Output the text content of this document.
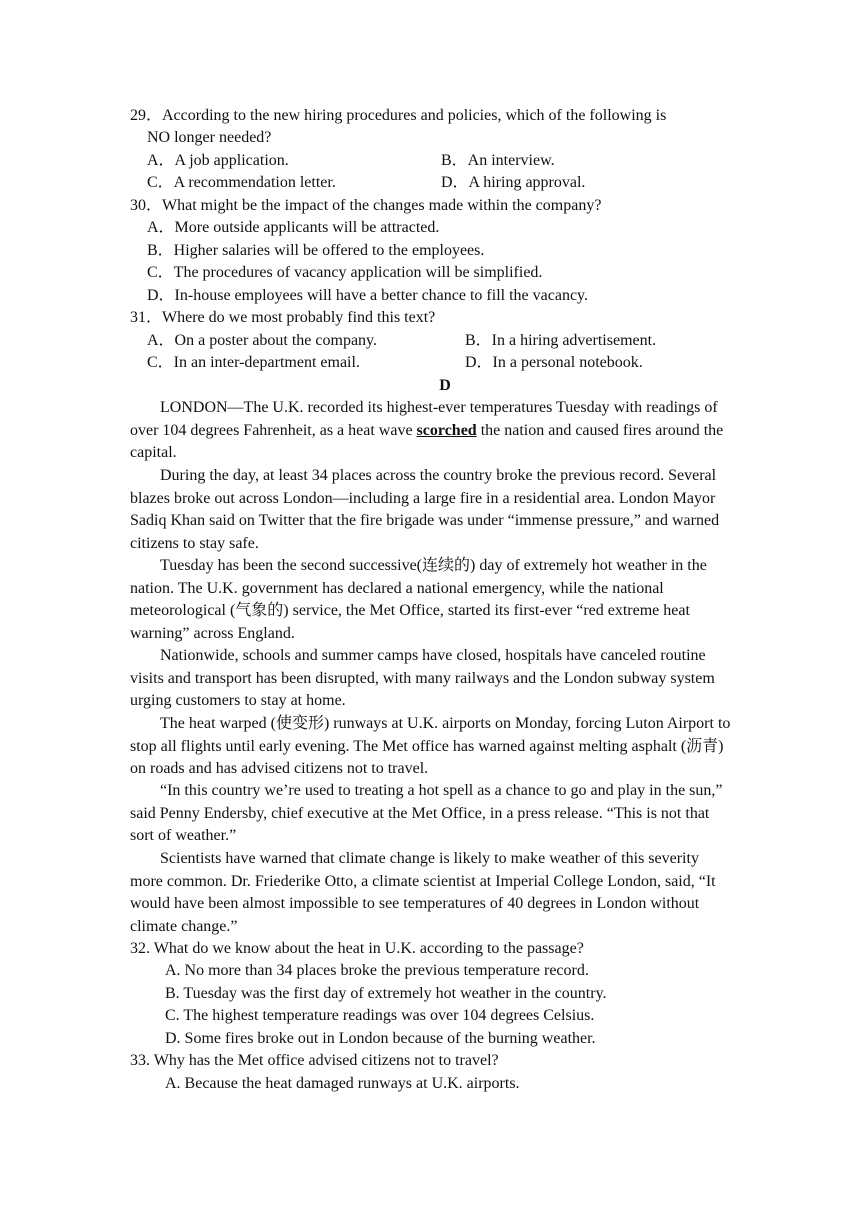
29．According to the new hiring procedures and policies, which of the following is
NO longer needed?
A．A job application.	B．An interview.
C．A recommendation letter.	D．A hiring approval.
30．What might be the impact of the changes made within the company?
A．More outside applicants will be attracted.
B．Higher salaries will be offered to the employees.
C．The procedures of vacancy application will be simplified.
D．In-house employees will have a better chance to fill the vacancy.
31．Where do we most probably find this text?
A．On a poster about the company.	B．In a hiring advertisement.
C．In an inter-department email.	D．In a personal notebook.
D
LONDON—The U.K. recorded its highest-ever temperatures Tuesday with readings of over 104 degrees Fahrenheit, as a heat wave scorched the nation and caused fires around the capital.
During the day, at least 34 places across the country broke the previous record. Several blazes broke out across London—including a large fire in a residential area. London Mayor Sadiq Khan said on Twitter that the fire brigade was under “immense pressure,” and warned citizens to stay safe.
Tuesday has been the second successive(连续的) day of extremely hot weather in the nation. The U.K. government has declared a national emergency, while the national meteorological (气象的) service, the Met Office, started its first-ever “red extreme heat warning” across England.
Nationwide, schools and summer camps have closed, hospitals have canceled routine visits and transport has been disrupted, with many railways and the London subway system urging customers to stay at home.
The heat warped (使变形) runways at U.K. airports on Monday, forcing Luton Airport to stop all flights until early evening. The Met office has warned against melting asphalt (沥青) on roads and has advised citizens not to travel.
“In this country we’re used to treating a hot spell as a chance to go and play in the sun,” said Penny Endersby, chief executive at the Met Office, in a press release. “This is not that sort of weather.”
Scientists have warned that climate change is likely to make weather of this severity more common. Dr. Friederike Otto, a climate scientist at Imperial College London, said, “It would have been almost impossible to see temperatures of 40 degrees in London without climate change.”
32. What do we know about the heat in U.K. according to the passage?
A. No more than 34 places broke the previous temperature record.
B. Tuesday was the first day of extremely hot weather in the country.
C. The highest temperature readings was over 104 degrees Celsius.
D. Some fires broke out in London because of the burning weather.
33. Why has the Met office advised citizens not to travel?
A. Because the heat damaged runways at U.K. airports.
